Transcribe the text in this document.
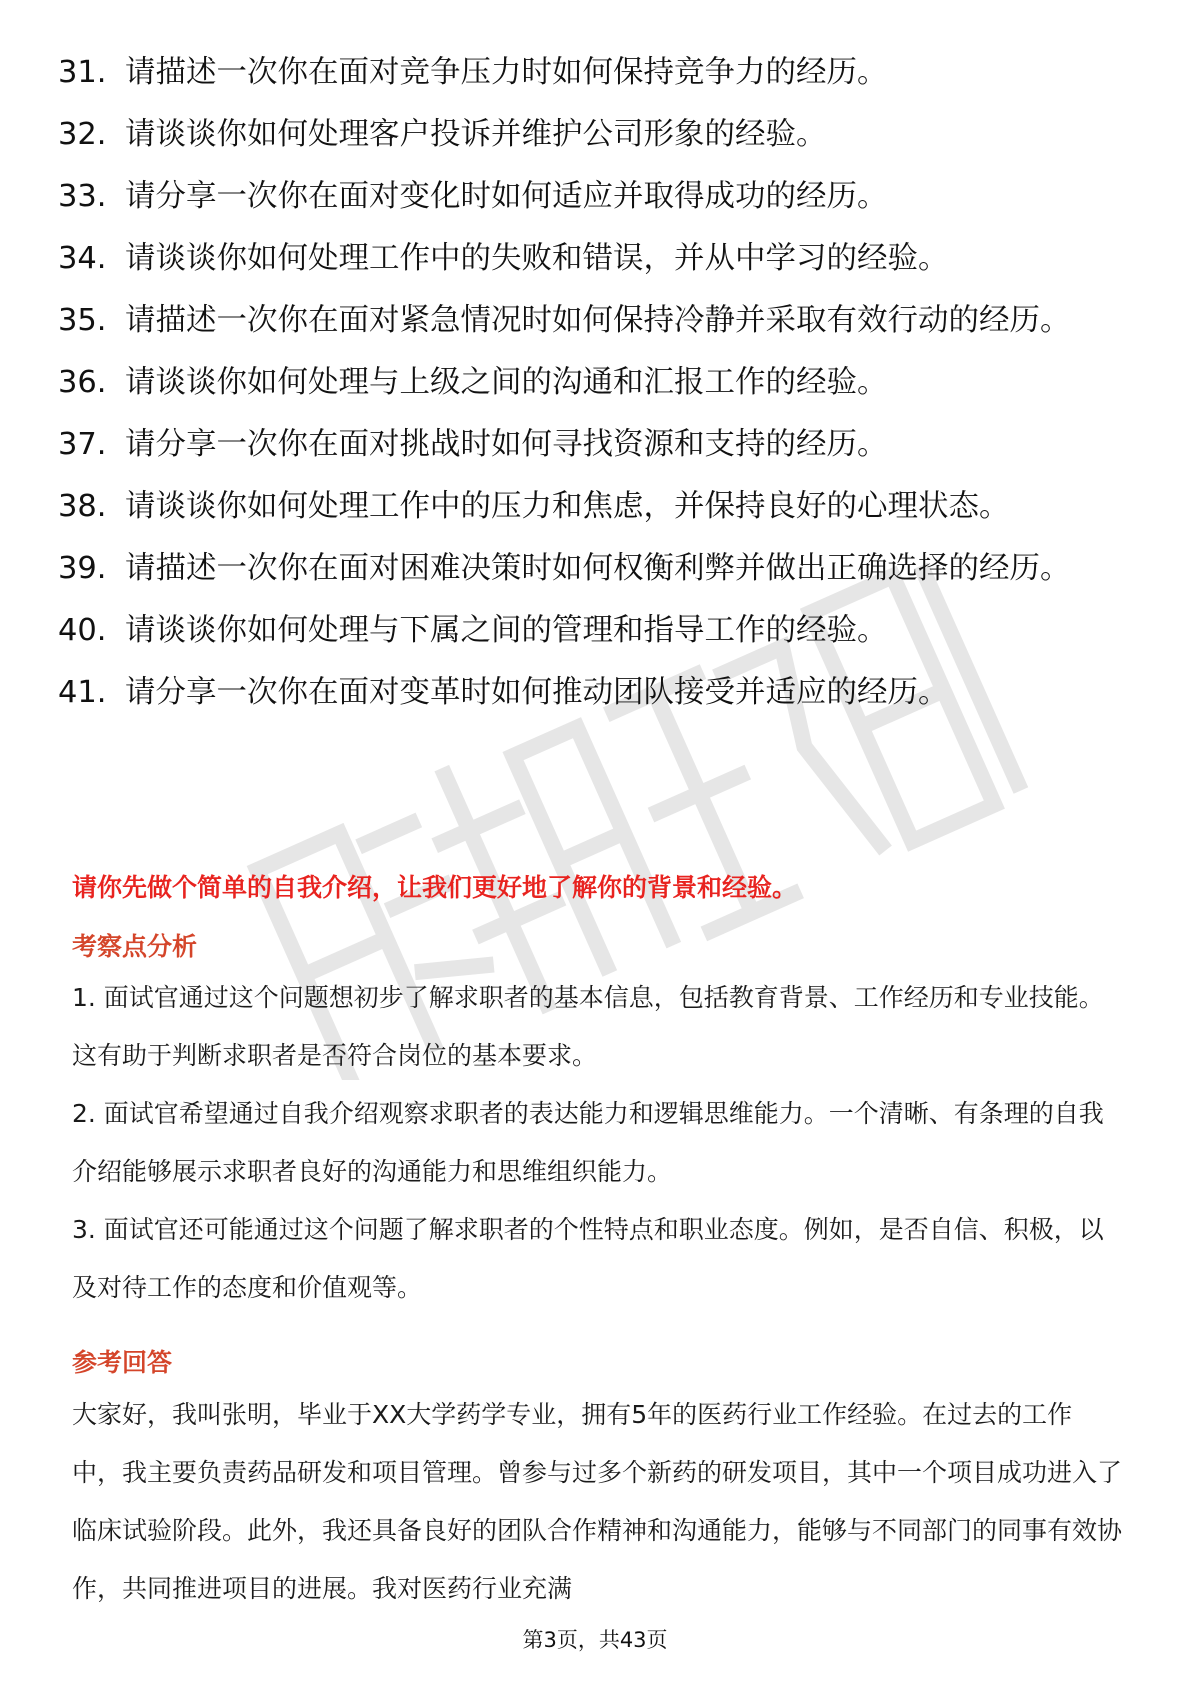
31. 请描述一次你在面对竞争压力时如何保持竞争力的经历。
32. 请谈谈你如何处理客户投诉并维护公司形象的经验。
33. 请分享一次你在面对变化时如何适应并取得成功的经历。
34. 请谈谈你如何处理工作中的失败和错误，并从中学习的经验。
35. 请描述一次你在面对紧急情况时如何保持冷静并采取有效行动的经历。
36. 请谈谈你如何处理与上级之间的沟通和汇报工作的经验。
37. 请分享一次你在面对挑战时如何寻找资源和支持的经历。
38. 请谈谈你如何处理工作中的压力和焦虑，并保持良好的心理状态。
39. 请描述一次你在面对困难决策时如何权衡利弊并做出正确选择的经历。
40. 请谈谈你如何处理与下属之间的管理和指导工作的经验。
41. 请分享一次你在面对变革时如何推动团队接受并适应的经历。
请你先做个简单的自我介绍，让我们更好地了解你的背景和经验。
考察点分析
1. 面试官通过这个问题想初步了解求职者的基本信息，包括教育背景、工作经历和专业技能。这有助于判断求职者是否符合岗位的基本要求。
2. 面试官希望通过自我介绍观察求职者的表达能力和逻辑思维能力。一个清晰、有条理的自我介绍能够展示求职者良好的沟通能力和思维组织能力。
3. 面试官还可能通过这个问题了解求职者的个性特点和职业态度。例如，是否自信、积极，以及对待工作的态度和价值观等。
参考回答
大家好，我叫张明，毕业于XX大学药学专业，拥有5年的医药行业工作经验。在过去的工作中，我主要负责药品研发和项目管理。曾参与过多个新药的研发项目，其中一个项目成功进入了临床试验阶段。此外，我还具备良好的团队合作精神和沟通能力，能够与不同部门的同事有效协作，共同推进项目的进展。我对医药行业充满
第3页，共43页
